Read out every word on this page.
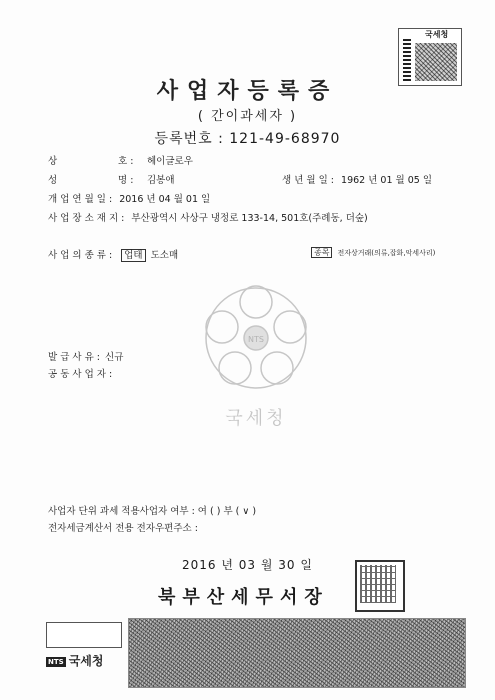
국세청
사업자등록증
( 간이과세자 )
등록번호 : 121-49-68970
상	호 : 헤이글로우
성	명 : 김봉애	생 년 월 일 : 1962 년 01 월 05 일
개 업 연 월 일 : 2016 년 04 월 01 일
사 업 장 소 재 지 : 부산광역시 사상구 냉정로 133-14, 501호(주례동, 더숲)
사 업 의 종 류 : 업태 도소매	종목 전자상거래(의류,잡화,악세사리)
NTS
국세청
발 급 사 유 : 신규
공 동 사 업 자 :
사업자 단위 과세 적용사업자 여부 : 여 ( ) 부 ( ∨ )
전자세금계산서 전용 전자우편주소 :
2016 년 03 월 30 일
북부산세무서장
NTS 국세청
